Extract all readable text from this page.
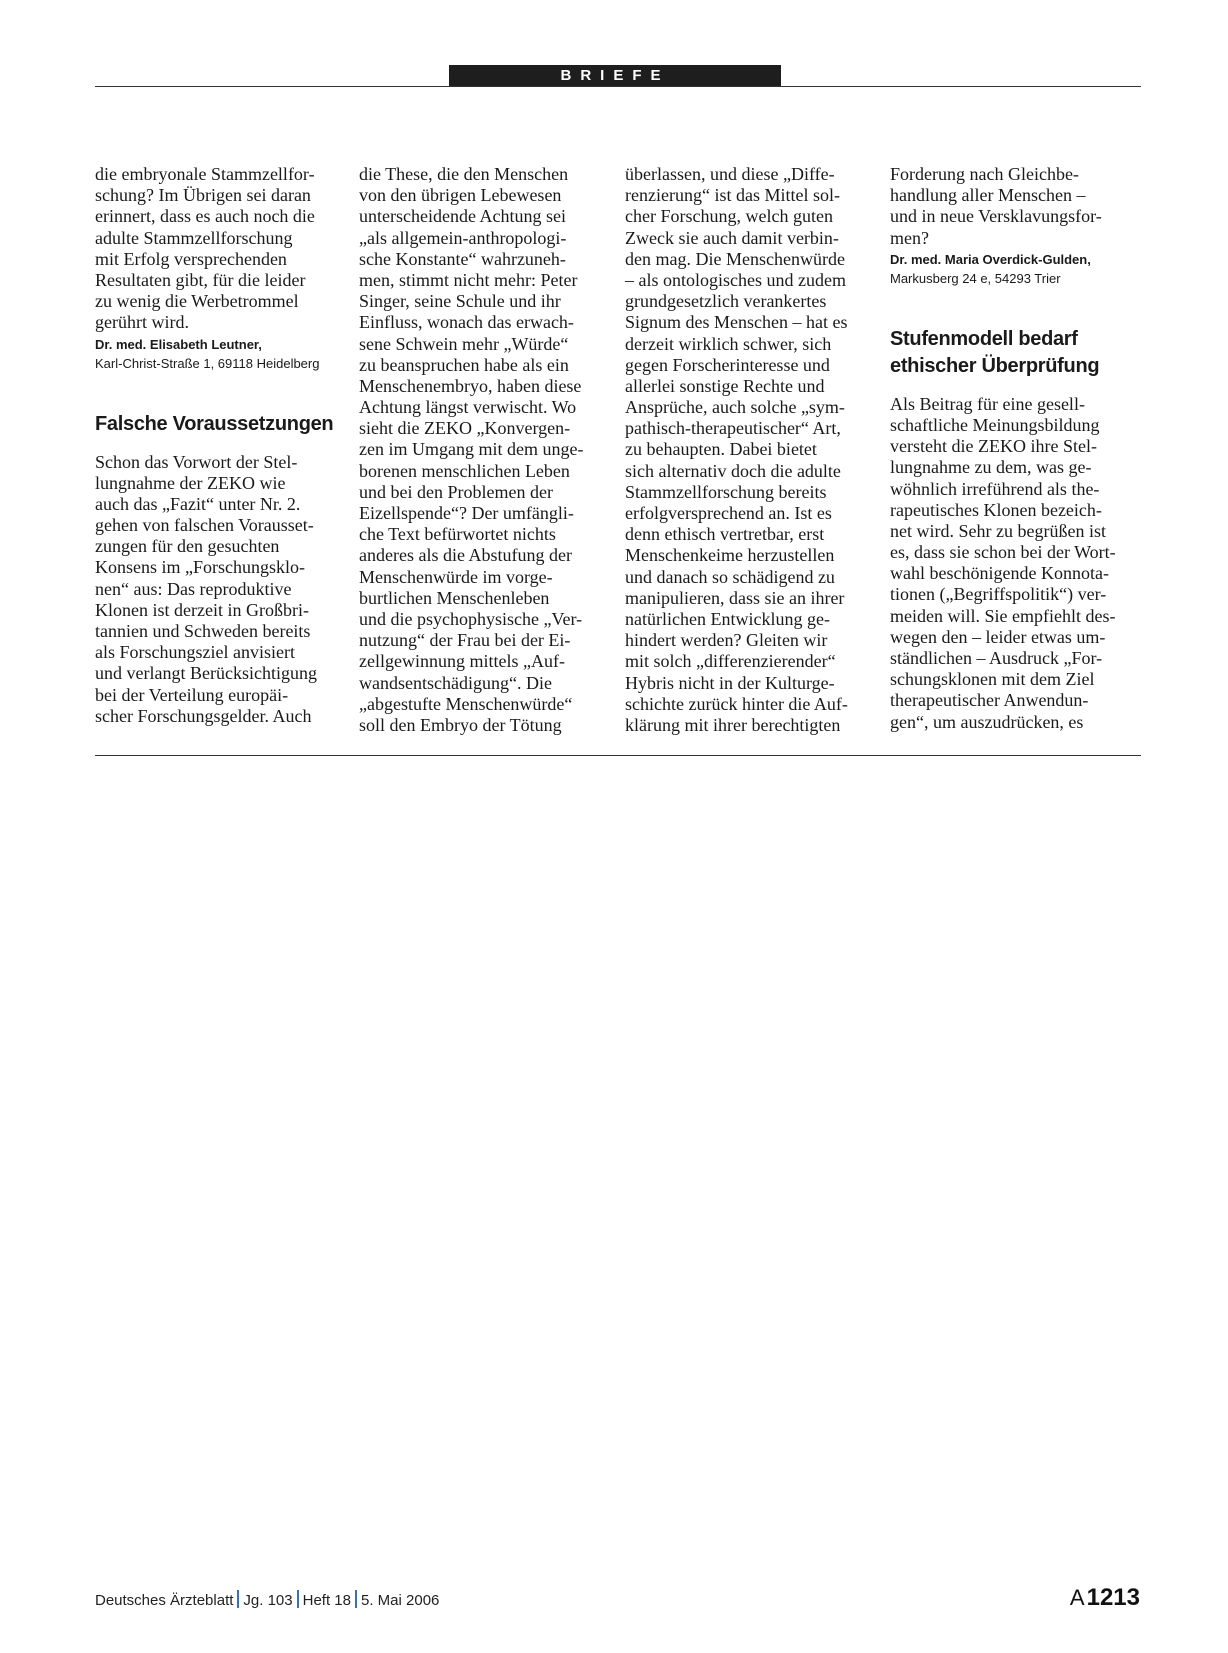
BRIEFE
die embryonale Stammzellfor-
schung? Im Übrigen sei daran
erinnert, dass es auch noch die
adulte Stammzellforschung
mit Erfolg versprechenden
Resultaten gibt, für die leider
zu wenig die Werbetrommel
gerührt wird.
Dr. med. Elisabeth Leutner,
Karl-Christ-Straße 1, 69118 Heidelberg
Falsche Voraussetzungen
Schon das Vorwort der Stel-
lungnahme der ZEKO wie
auch das „Fazit“ unter Nr. 2.
gehen von falschen Vorausset-
zungen für den gesuchten
Konsens im „Forschungsklo-
nen“ aus: Das reproduktive
Klonen ist derzeit in Großbri-
tannien und Schweden bereits
als Forschungsziel anvisiert
und verlangt Berücksichtigung
bei der Verteilung europäi-
scher Forschungsgelder. Auch
die These, die den Menschen
von den übrigen Lebewesen
unterscheidende Achtung sei
„als allgemein-anthropologi-
sche Konstante“ wahrzuneh-
men, stimmt nicht mehr: Peter
Singer, seine Schule und ihr
Einfluss, wonach das erwach-
sene Schwein mehr „Würde“
zu beanspruchen habe als ein
Menschenembryo, haben diese
Achtung längst verwischt. Wo
sieht die ZEKO „Konvergen-
zen im Umgang mit dem unge-
borenen menschlichen Leben
und bei den Problemen der
Eizellspende“? Der umfängli-
che Text befürwortet nichts
anderes als die Abstufung der
Menschenwürde im vorge-
burtlichen Menschenleben
und die psychophysische „Ver-
nutzung“ der Frau bei der Ei-
zellgewinnung mittels „Auf-
wandsentschädigung“. Die
„abgestufte Menschenwürde“
soll den Embryo der Tötung
überlassen, und diese „Diffe-
renzierung“ ist das Mittel sol-
cher Forschung, welch guten
Zweck sie auch damit verbin-
den mag. Die Menschenwürde
– als ontologisches und zudem
grundgesetzlich verankertes
Signum des Menschen – hat es
derzeit wirklich schwer, sich
gegen Forscherinteresse und
allerlei sonstige Rechte und
Ansprüche, auch solche „sym-
pathisch-therapeutischer“ Art,
zu behaupten. Dabei bietet
sich alternativ doch die adulte
Stammzellforschung bereits
erfolgversprechend an. Ist es
denn ethisch vertretbar, erst
Menschenkeime herzustellen
und danach so schädigend zu
manipulieren, dass sie an ihrer
natürlichen Entwicklung ge-
hindert werden? Gleiten wir
mit solch „differenzierender“
Hybris nicht in der Kulturge-
schichte zurück hinter die Auf-
klärung mit ihrer berechtigten
Forderung nach Gleichbe-
handlung aller Menschen –
und in neue Versklavungsfor-
men?
Dr. med. Maria Overdick-Gulden,
Markusberg 24 e, 54293 Trier
Stufenmodell bedarf
ethischer Überprüfung
Als Beitrag für eine gesell-
schaftliche Meinungsbildung
versteht die ZEKO ihre Stel-
lungnahme zu dem, was ge-
wöhnlich irreführend als the-
rapeutisches Klonen bezeich-
net wird. Sehr zu begrüßen ist
es, dass sie schon bei der Wort-
wahl beschönigende Konnota-
tionen („Begriffspolitik“) ver-
meiden will. Sie empfiehlt des-
wegen den – leider etwas um-
ständlichen – Ausdruck „For-
schungsklonen mit dem Ziel
therapeutischer Anwendun-
gen“, um auszudrücken, es
Deutsches Ärzteblatt Jg. 103 Heft 18 5. Mai 2006	A1213
